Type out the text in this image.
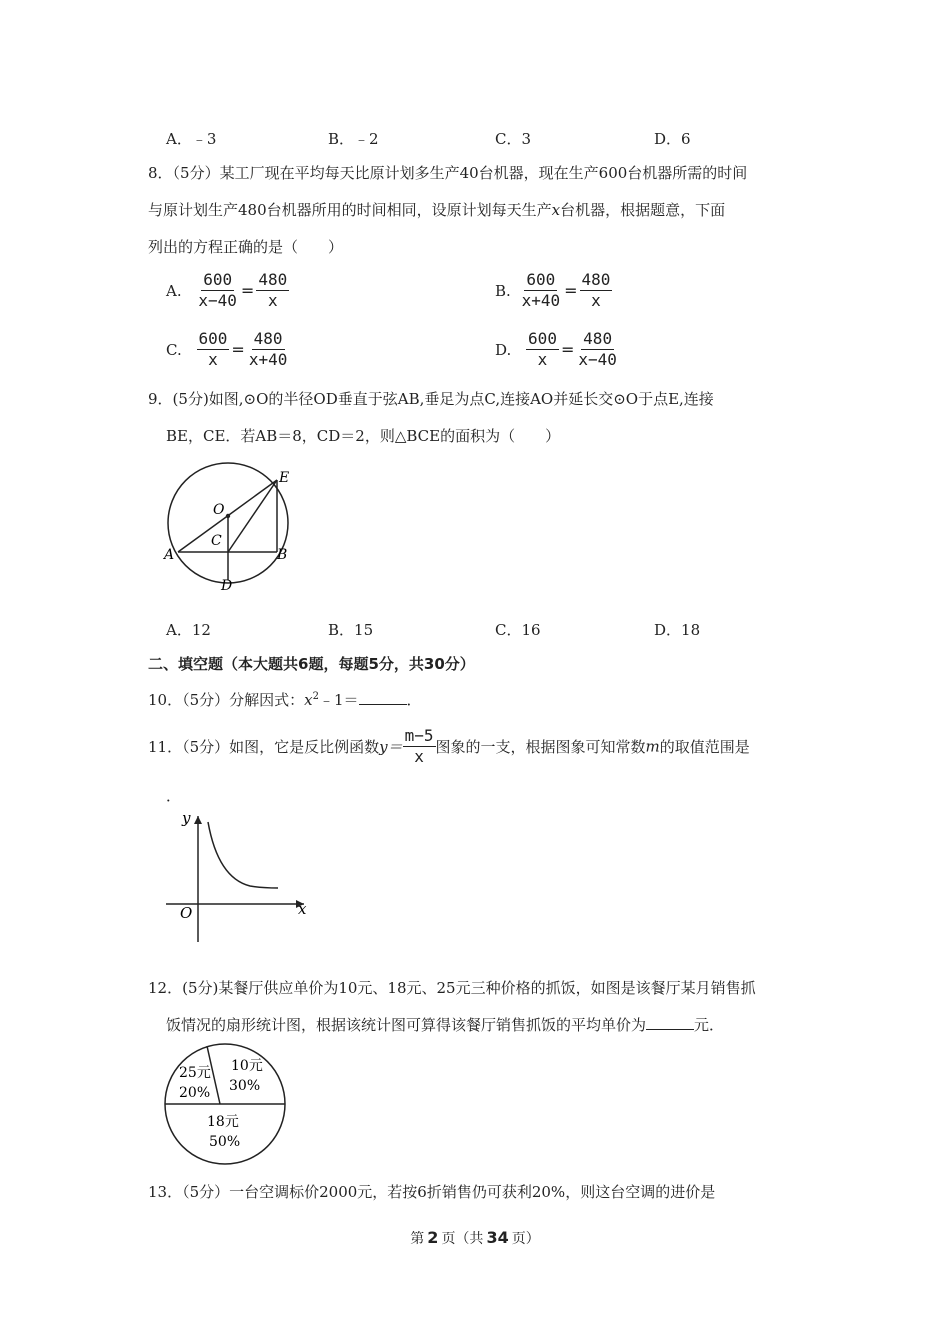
A．﹣3	B．﹣2	C．3	D．6
8．（5分）某工厂现在平均每天比原计划多生产40台机器，现在生产600台机器所需的时间
与原计划生产480台机器所用的时间相同，设原计划每天生产x台机器，根据题意，下面
列出的方程正确的是（　　）
A. $\frac{600}{x-40} = \frac{480}{x}$	B. $\frac{600}{x+40} = \frac{480}{x}$
C. $\frac{600}{x} = \frac{480}{x+40}$	D. $\frac{600}{x} = \frac{480}{x-40}$
9．(5分)如图,⊙O的半径OD垂直于弦AB,垂足为点C,连接AO并延长交⊙O于点E,连接
BE，CE．若AB＝8，CD＝2，则△BCE的面积为（　　）
E
O
C
A	B
D
A．12	B．15	C．16	D．18
二、填空题（本大题共6题，每题5分，共30分）
10．（5分）分解因式：$x^2﹣1=$	．
11．（5分）如图，它是反比例函数$y= \frac{m-5}{x}$ 图象的一支，根据图象可知常数m的取值范围是
．
y
x
O
12．(5分)某餐厅供应单价为10元、18元、25元三种价格的抓饭，如图是该餐厅某月销售抓
饭情况的扇形统计图，根据该统计图可算得该餐厅销售抓饭的平均单价为	元．
25元
20%
10元
30%
18元
50%
13．（5分）一台空调标价2000元，若按6折销售仍可获利20%，则这台空调的进价是
第 2 页（共 34 页）
